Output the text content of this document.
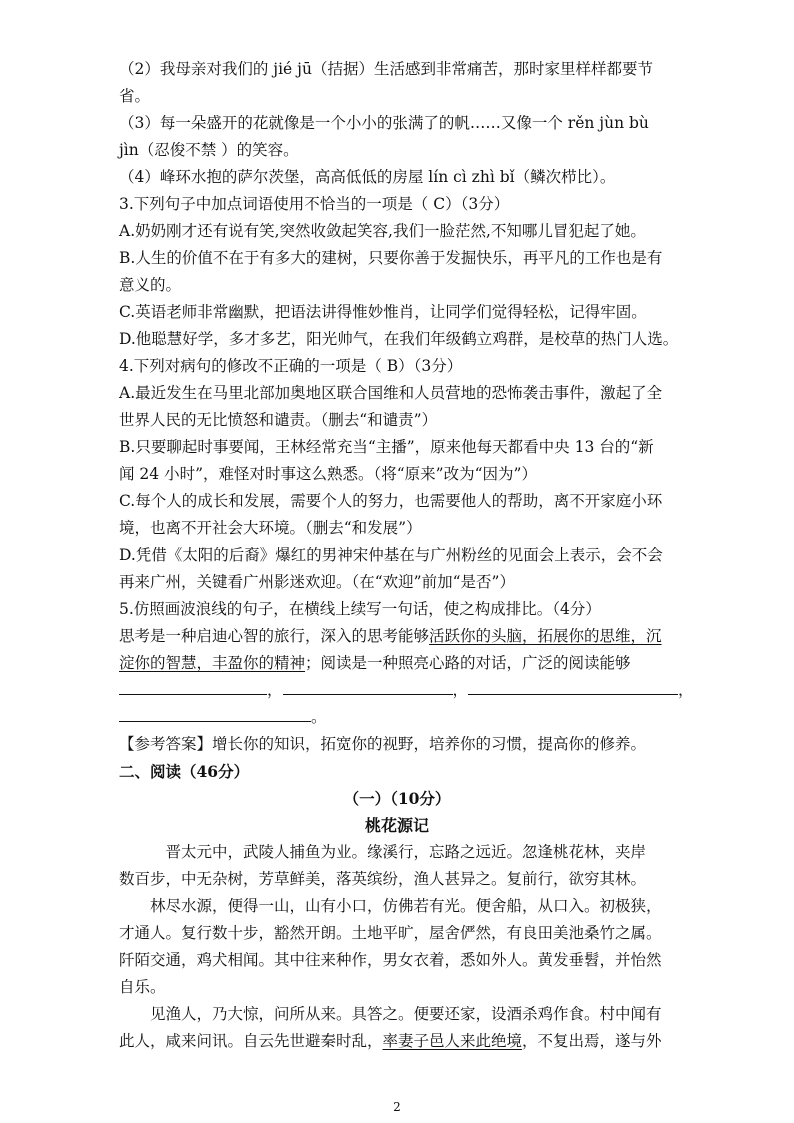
（2）我母亲对我们的 jié jū（拮据）生活感到非常痛苦，那时家里样样都要节

省。

（3）每一朵盛开的花就像是一个小小的张满了的帆……又像一个 rěn jùn bù

jìn（忍俊不禁 ）的笑容。

（4）峰环水抱的萨尔茨堡，高高低低的房屋 lín cì zhì bǐ（鳞次栉比）。

3.下列句子中加点词语使用不恰当的一项是（ C）（3分）

A.奶奶刚才还有说有笑,突然收敛起笑容,我们一脸茫然,不知哪儿冒犯起了她。

B.人生的价值不在于有多大的建树，只要你善于发掘快乐，再平凡的工作也是有

意义的。

C.英语老师非常幽默，把语法讲得惟妙惟肖，让同学们觉得轻松，记得牢固。

D.他聪慧好学，多才多艺，阳光帅气，在我们年级鹤立鸡群，是校草的热门人选。

4.下列对病句的修改不正确的一项是（ B）（3分）

A.最近发生在马里北部加奥地区联合国维和人员营地的恐怖袭击事件，激起了全

世界人民的无比愤怒和谴责。（删去“和谴责”）

B.只要聊起时事要闻，王林经常充当“主播”，原来他每天都看中央 13 台的“新

闻 24 小时”，难怪对时事这么熟悉。（将“原来”改为“因为”）

C.每个人的成长和发展，需要个人的努力，也需要他人的帮助，离不开家庭小环

境，也离不开社会大环境。（删去“和发展”）

D.凭借《太阳的后裔》爆红的男神宋仲基在与广州粉丝的见面会上表示，会不会

再来广州，关键看广州影迷欢迎。（在“欢迎”前加“是否”）

5.仿照画波浪线的句子，在横线上续写一句话，使之构成排比。（4分）

思考是一种启迪心智的旅行，深入的思考能够活跃你的头脑，拓展你的思维，沉

淀你的智慧，丰盈你的精神；阅读是一种照亮心路的对话，广泛的阅读能够

，	，	，

。

【参考答案】增长你的知识，拓宽你的视野，培养你的习惯，提高你的修养。

二、阅读（46分）

（一）（10分）

桃花源记

晋太元中，武陵人捕鱼为业。缘溪行，忘路之远近。忽逢桃花林，夹岸

数百步，中无杂树，芳草鲜美，落英缤纷，渔人甚异之。复前行，欲穷其林。

林尽水源，便得一山，山有小口，仿佛若有光。便舍船，从口入。初极狭，

才通人。复行数十步，豁然开朗。土地平旷，屋舍俨然，有良田美池桑竹之属。

阡陌交通，鸡犬相闻。其中往来种作，男女衣着，悉如外人。黄发垂髫，并怡然

自乐。

见渔人，乃大惊，问所从来。具答之。便要还家，设酒杀鸡作食。村中闻有

此人，咸来问讯。自云先世避秦时乱，率妻子邑人来此绝境，不复出焉，遂与外

2
